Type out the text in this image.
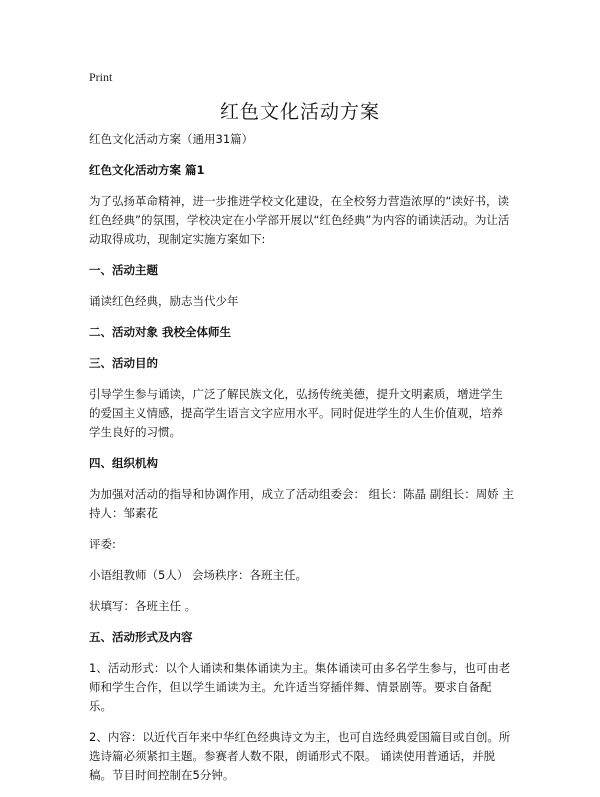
Print
红色文化活动方案
红色文化活动方案（通用31篇）
红色文化活动方案 篇1
为了弘扬革命精神，进一步推进学校文化建设，在全校努力营造浓厚的“读好书，读红色经典”的氛围，学校决定在小学部开展以“红色经典”为内容的诵读活动。为让活动取得成功，现制定实施方案如下:
一、活动主题
诵读红色经典，励志当代少年
二、活动对象 我校全体师生
三、活动目的
引导学生参与诵读，广泛了解民族文化，弘扬传统美德，提升文明素质，增进学生的爱国主义情感，提高学生语言文字应用水平。同时促进学生的人生价值观，培养学生良好的习惯。
四、组织机构
为加强对活动的指导和协调作用，成立了活动组委会： 组长：陈晶 副组长：周娇 主持人：邹素花
评委:
小语组教师（5人） 会场秩序：各班主任。
状填写：各班主任 。
五、活动形式及内容
1、活动形式：以个人诵读和集体诵读为主。集体诵读可由多名学生参与，也可由老师和学生合作，但以学生诵读为主。允许适当穿插伴舞、情景剧等。要求自备配乐。
2、内容：以近代百年来中华红色经典诗文为主，也可自选经典爱国篇目或自创。所选诗篇必须紧扣主题。参赛者人数不限，朗诵形式不限。 诵读使用普通话，并脱稿。节目时间控制在5分钟。
